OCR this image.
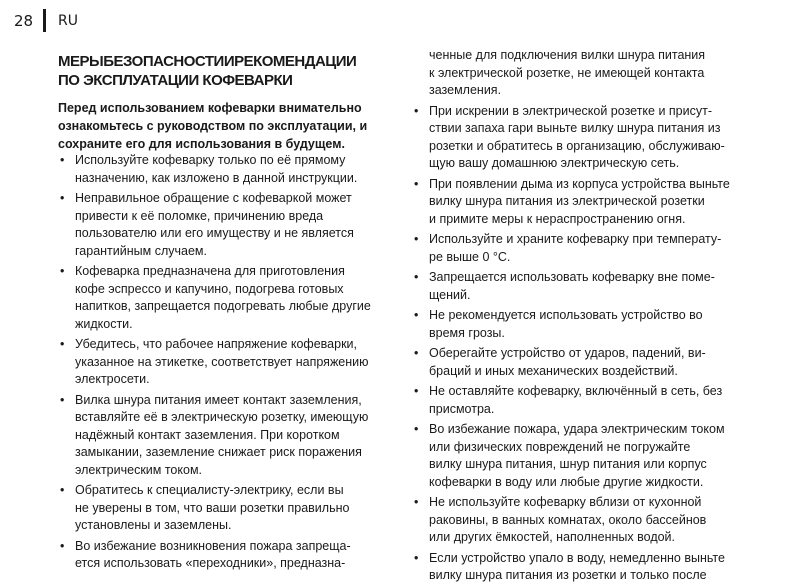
28 RU
МЕРЫБЕЗОПАСНОСТИИРЕКОМЕНДАЦИИ
ПО ЭКСПЛУАТАЦИИ КОФЕВАРКИ

Перед использованием кофеварки внимательно ознакомьтесь с руководством по эксплуатации, и сохраните его для использования в будущем.

• Используйте кофеварку только по её прямому
назначению, как изложено в данной инструкции.
• Неправильное обращение с кофеваркой может
привести к её поломке, причинению вреда
пользователю или его имуществу и не является
гарантийным случаем.
• Кофеварка предназначена для приготовления
кофе эспрессо и капучино, подогрева готовых
напитков, запрещается подогревать любые другие
жидкости.
• Убедитесь, что рабочее напряжение кофеварки,
указанное на этикетке, соответствует напряжению
электросети.
• Вилка шнура питания имеет контакт заземления,
вставляйте её в электрическую розетку, имеющую
надёжный контакт заземления. При коротком
замыкании, заземление снижает риск поражения
электрическим током.
• Обратитесь к специалисту-электрику, если вы
не уверены в том, что ваши розетки правильно
установлены и заземлены.
• Во избежание возникновения пожара запреща-
ется использовать «переходники», предназна-
ченные для подключения вилки шнура питания
к электрической розетке, не имеющей контакта
заземления.
• При искрении в электрической розетке и присут-
ствии запаха гари выньте вилку шнура питания из
розетки и обратитесь в организацию, обслуживаю-
щую вашу домашнюю электрическую сеть.
• При появлении дыма из корпуса устройства выньте
вилку шнура питания из электрической розетки
и примите меры к нераспространению огня.
• Используйте и храните кофеварку при температу-
ре выше 0 °C.
• Запрещается использовать кофеварку вне поме-
щений.
• Не рекомендуется использовать устройство во
время грозы.
• Оберегайте устройство от ударов, падений, ви-
браций и иных механических воздействий.
• Не оставляйте кофеварку, включённый в сеть, без
присмотра.
• Во избежание пожара, удара электрическим током
или физических повреждений не погружайте
вилку шнура питания, шнур питания или корпус
кофеварки в воду или любые другие жидкости.
• Не используйте кофеварку вблизи от кухонной
раковины, в ванных комнатах, около бассейнов
или других ёмкостей, наполненных водой.
• Если устройство упало в воду, немедленно выньте
вилку шнура питания из розетки и только после
